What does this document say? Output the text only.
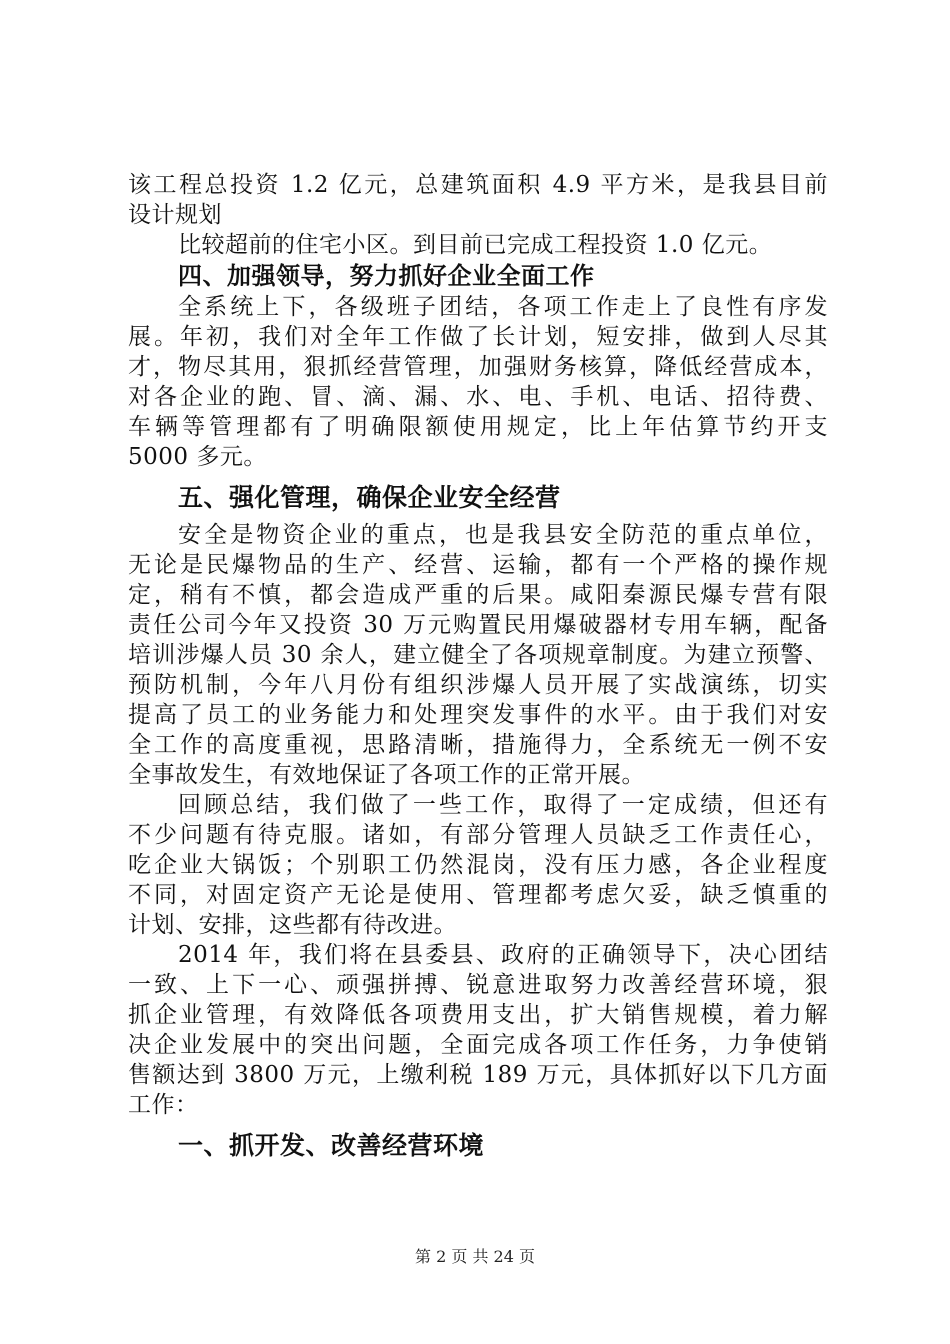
该工程总投资 1.2 亿元，总建筑面积 4.9 平方米，是我县目前
设计规划
比较超前的住宅小区。到目前已完成工程投资 1.0 亿元。
四、加强领导，努力抓好企业全面工作
全系统上下，各级班子团结，各项工作走上了良性有序发
展。年初，我们对全年工作做了长计划，短安排，做到人尽其
才，物尽其用，狠抓经营管理，加强财务核算，降低经营成本，
对各企业的跑、冒、滴、漏、水、电、手机、电话、招待费、
车辆等管理都有了明确限额使用规定，比上年估算节约开支
5000 多元。
五、强化管理，确保企业安全经营
安全是物资企业的重点，也是我县安全防范的重点单位，
无论是民爆物品的生产、经营、运输，都有一个严格的操作规
定，稍有不慎，都会造成严重的后果。咸阳秦源民爆专营有限
责任公司今年又投资 30 万元购置民用爆破器材专用车辆，配备
培训涉爆人员 30 余人，建立健全了各项规章制度。为建立预警、
预防机制，今年八月份有组织涉爆人员开展了实战演练，切实
提高了员工的业务能力和处理突发事件的水平。由于我们对安
全工作的高度重视，思路清晰，措施得力，全系统无一例不安
全事故发生，有效地保证了各项工作的正常开展。
回顾总结，我们做了一些工作，取得了一定成绩，但还有
不少问题有待克服。诸如，有部分管理人员缺乏工作责任心，
吃企业大锅饭；个别职工仍然混岗，没有压力感，各企业程度
不同，对固定资产无论是使用、管理都考虑欠妥，缺乏慎重的
计划、安排，这些都有待改进。
2014 年，我们将在县委县、政府的正确领导下，决心团结
一致、上下一心、顽强拼搏、锐意进取努力改善经营环境，狠
抓企业管理，有效降低各项费用支出，扩大销售规模，着力解
决企业发展中的突出问题，全面完成各项工作任务，力争使销
售额达到 3800 万元，上缴利税 189 万元，具体抓好以下几方面
工作：
一、抓开发、改善经营环境
第 2 页 共 24 页
